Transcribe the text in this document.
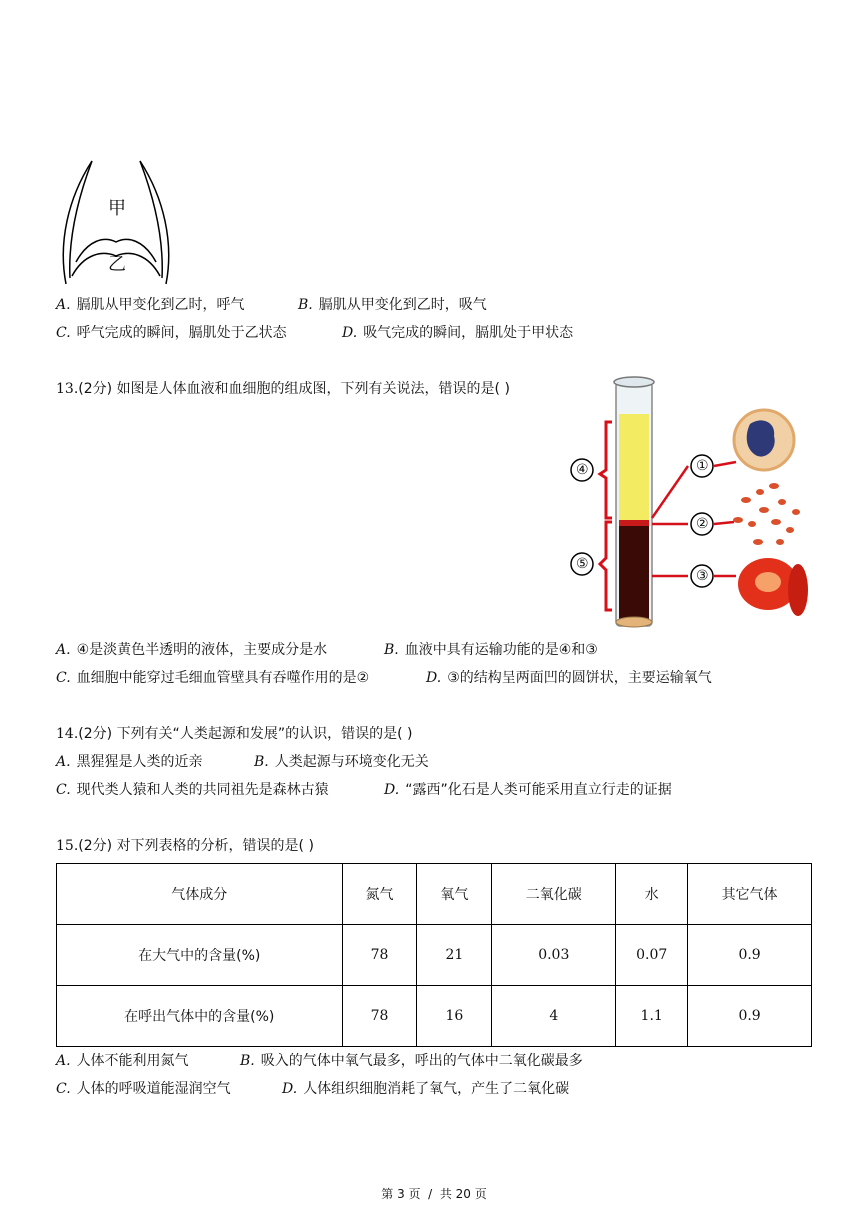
甲
乙
A. 膈肌从甲变化到乙时，呼气	B. 膈肌从甲变化到乙时，吸气
C. 呼气完成的瞬间，膈肌处于乙状态	D. 吸气完成的瞬间，膈肌处于甲状态
13.(2分) 如图是人体血液和血细胞的组成图，下列有关说法，错误的是( )
④
⑤
①
②
③
A. ④是淡黄色半透明的液体，主要成分是水	B. 血液中具有运输功能的是④和③
C. 血细胞中能穿过毛细血管壁具有吞噬作用的是②	D. ③的结构呈两面凹的圆饼状，主要运输氧气
14.(2分) 下列有关“人类起源和发展”的认识，错误的是( )
A. 黑猩猩是人类的近亲	B. 人类起源与环境变化无关
C. 现代类人猿和人类的共同祖先是森林古猿	D. “露西”化石是人类可能采用直立行走的证据
15.(2分) 对下列表格的分析，错误的是( )
气体成分	氮气	氧气	二氧化碳	水	其它气体
在大气中的含量(%)	78	21	0.03	0.07	0.9
在呼出气体中的含量(%)	78	16	4	1.1	0.9
A. 人体不能利用氮气	B. 吸入的气体中氧气最多，呼出的气体中二氧化碳最多
C. 人体的呼吸道能湿润空气	D. 人体组织细胞消耗了氧气，产生了二氧化碳
第 3 页  /  共 20 页
